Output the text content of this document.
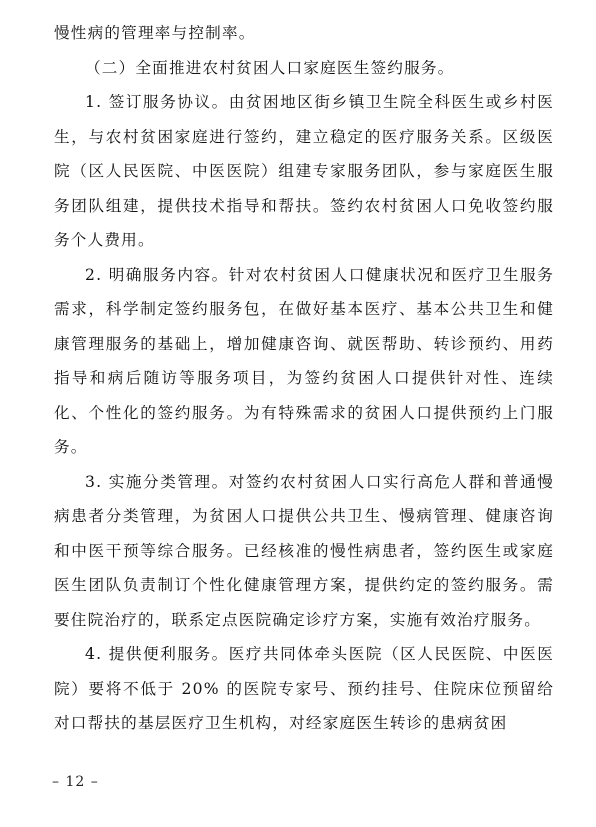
慢性病的管理率与控制率。

（二）全面推进农村贫困人口家庭医生签约服务。

1. 签订服务协议。由贫困地区街乡镇卫生院全科医生或乡村医生，与农村贫困家庭进行签约，建立稳定的医疗服务关系。区级医院（区人民医院、中医医院）组建专家服务团队，参与家庭医生服务团队组建，提供技术指导和帮扶。签约农村贫困人口免收签约服务个人费用。

2. 明确服务内容。针对农村贫困人口健康状况和医疗卫生服务需求，科学制定签约服务包，在做好基本医疗、基本公共卫生和健康管理服务的基础上，增加健康咨询、就医帮助、转诊预约、用药指导和病后随访等服务项目，为签约贫困人口提供针对性、连续化、个性化的签约服务。为有特殊需求的贫困人口提供预约上门服务。

3. 实施分类管理。对签约农村贫困人口实行高危人群和普通慢病患者分类管理，为贫困人口提供公共卫生、慢病管理、健康咨询和中医干预等综合服务。已经核准的慢性病患者，签约医生或家庭医生团队负责制订个性化健康管理方案，提供约定的签约服务。需要住院治疗的，联系定点医院确定诊疗方案，实施有效治疗服务。

4. 提供便利服务。医疗共同体牵头医院（区人民医院、中医医院）要将不低于 20% 的医院专家号、预约挂号、住院床位预留给对口帮扶的基层医疗卫生机构，对经家庭医生转诊的患病贫困

– 12 –
